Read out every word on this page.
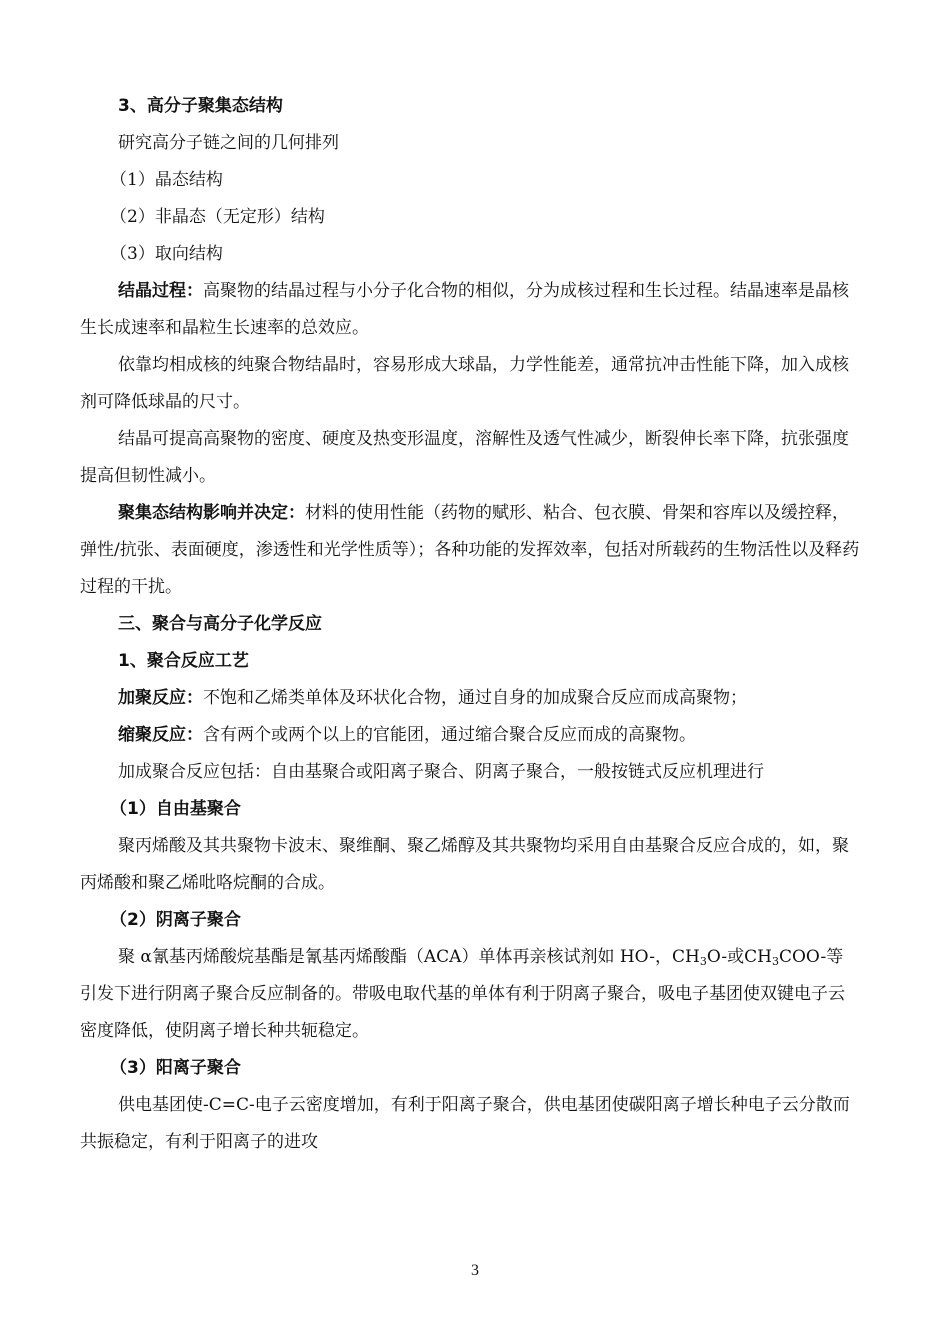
3、高分子聚集态结构

研究高分子链之间的几何排列

（1）晶态结构

（2）非晶态（无定形）结构

（3）取向结构

结晶过程：高聚物的结晶过程与小分子化合物的相似，分为成核过程和生长过程。结晶速率是晶核生长成速率和晶粒生长速率的总效应。

依靠均相成核的纯聚合物结晶时，容易形成大球晶，力学性能差，通常抗冲击性能下降，加入成核剂可降低球晶的尺寸。

结晶可提高高聚物的密度、硬度及热变形温度，溶解性及透气性减少，断裂伸长率下降，抗张强度提高但韧性减小。

聚集态结构影响并决定：材料的使用性能（药物的赋形、粘合、包衣膜、骨架和容库以及缓控释，弹性/抗张、表面硬度，渗透性和光学性质等）；各种功能的发挥效率，包括对所载药的生物活性以及释药过程的干扰。

三、聚合与高分子化学反应

1、聚合反应工艺

加聚反应：不饱和乙烯类单体及环状化合物，通过自身的加成聚合反应而成高聚物；

缩聚反应：含有两个或两个以上的官能团，通过缩合聚合反应而成的高聚物。

加成聚合反应包括：自由基聚合或阳离子聚合、阴离子聚合，一般按链式反应机理进行

（1）自由基聚合

聚丙烯酸及其共聚物卡波末、聚维酮、聚乙烯醇及其共聚物均采用自由基聚合反应合成的，如，聚丙烯酸和聚乙烯吡咯烷酮的合成。

（2）阴离子聚合

聚 α氰基丙烯酸烷基酯是氰基丙烯酸酯（ACA）单体再亲核试剂如 HO-，$CH_3O-$或$CH_3COO-$等引发下进行阴离子聚合反应制备的。带吸电取代基的单体有利于阴离子聚合，吸电子基团使双键电子云密度降低，使阴离子增长种共轭稳定。

（3）阳离子聚合

供电基团使-C=C-电子云密度增加，有利于阳离子聚合，供电基团使碳阳离子增长种电子云分散而共振稳定，有利于阳离子的进攻

3
